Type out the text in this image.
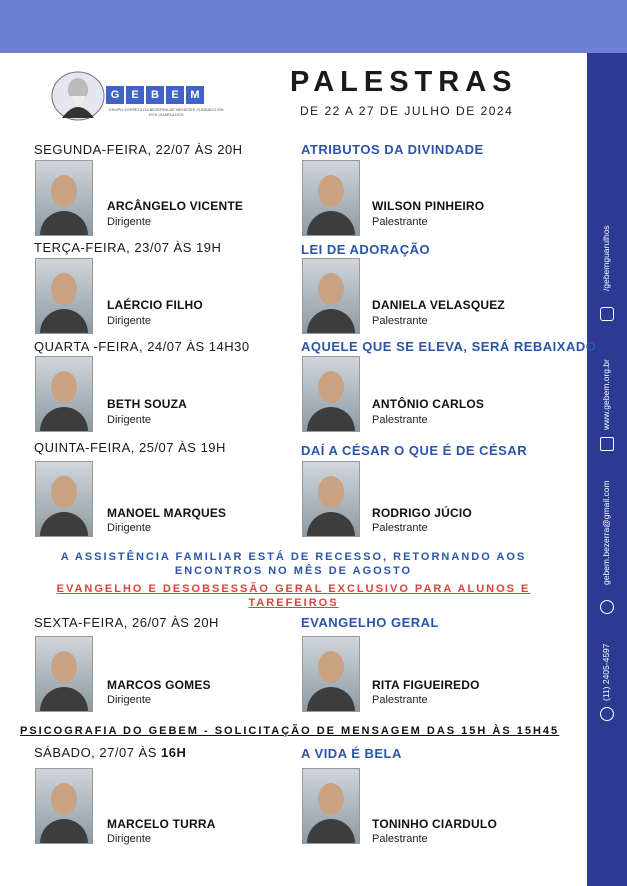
/gebemguarulhos
www.gebem.org.br
gebem.bezerra@gmail.com
(11) 2405-4597
G	E	B	E	M
GRUPO ESPÍRITA DA BEZERRA DE MENEZES FUNDADO EM 1979 GUARULHOS
PALESTRAS
DE 22 A 27 DE JULHO DE 2024
SEGUNDA-FEIRA, 22/07 ÀS 20H	ATRIBUTOS DA DIVINDADE
ARCÂNGELO VICENTE
Dirigente
WILSON PINHEIRO
Palestrante
TERÇA-FEIRA, 23/07 ÀS 19H	LEI DE ADORAÇÃO
LAÉRCIO FILHO
Dirigente
DANIELA VELASQUEZ
Palestrante
QUARTA -FEIRA, 24/07 ÀS 14H30	AQUELE QUE SE ELEVA, SERÁ REBAIXADO
BETH SOUZA
Dirigente
ANTÔNIO CARLOS
Palestrante
QUINTA-FEIRA, 25/07 ÀS 19H	DAÍ A CÉSAR O QUE É DE CÉSAR
MANOEL MARQUES
Dirigente
RODRIGO JÚCIO
Palestrante
A ASSISTÊNCIA FAMILIAR ESTÁ DE RECESSO, RETORNANDO AOS
ENCONTROS NO MÊS DE AGOSTO
EVANGELHO E DESOBSESSÃO GERAL EXCLUSIVO PARA ALUNOS E
TAREFEIROS
SEXTA-FEIRA, 26/07 ÀS 20H	EVANGELHO GERAL
MARCOS GOMES
Dirigente
RITA FIGUEIREDO
Palestrante
PSICOGRAFIA DO GEBEM - SOLICITAÇÃO DE MENSAGEM DAS 15H ÀS 15H45
SÁBADO, 27/07 ÀS 16H	A VIDA É BELA
MARCELO TURRA
Dirigente
TONINHO CIARDULO
Palestrante
